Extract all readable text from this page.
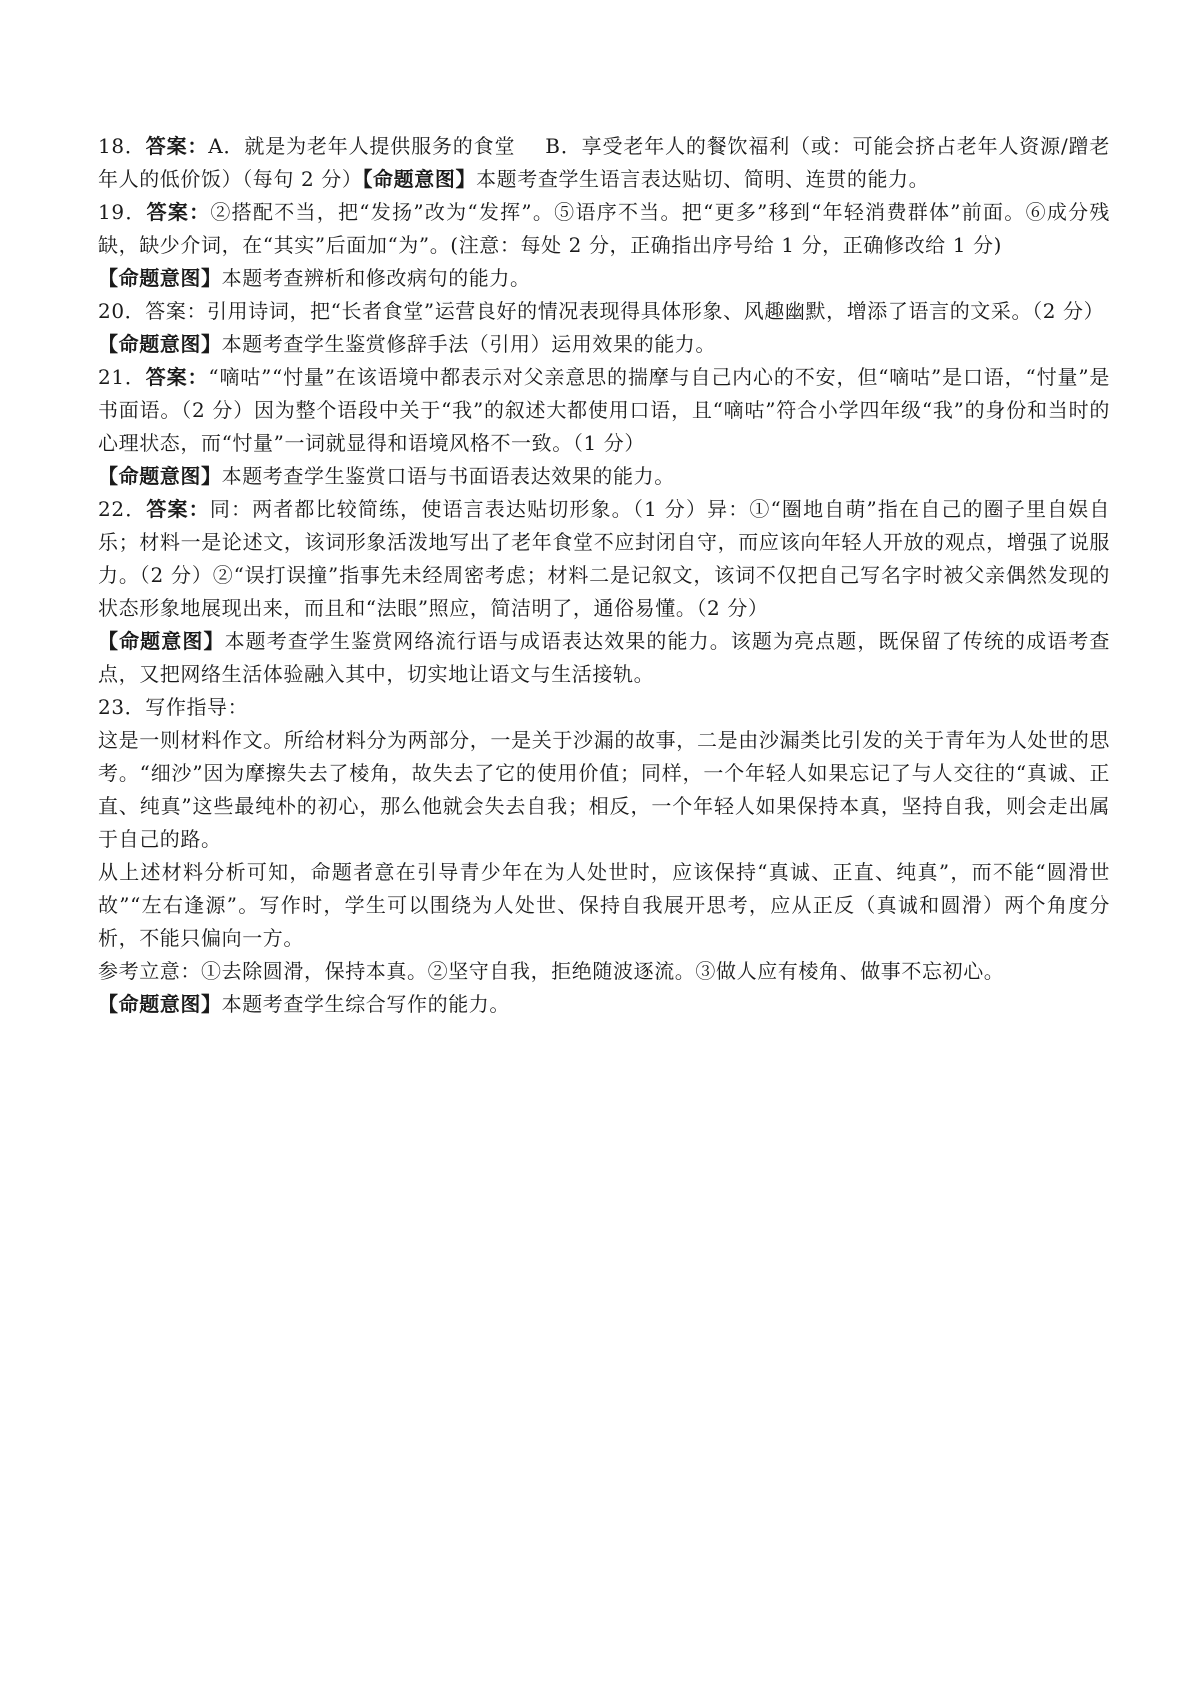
18．答案：A．就是为老年人提供服务的食堂 B．享受老年人的餐饮福利（或：可能会挤占老年人资源/蹭老年人的低价饭）（每句 2 分）【命题意图】本题考查学生语言表达贴切、简明、连贯的能力。

19．答案：②搭配不当，把“发扬”改为“发挥”。⑤语序不当。把“更多”移到“年轻消费群体”前面。⑥成分残缺，缺少介词，在“其实”后面加“为”。(注意：每处 2 分，正确指出序号给 1 分，正确修改给 1 分)

【命题意图】本题考查辨析和修改病句的能力。

20．答案：引用诗词，把“长者食堂”运营良好的情况表现得具体形象、风趣幽默，增添了语言的文采。（2 分）

【命题意图】本题考查学生鉴赏修辞手法（引用）运用效果的能力。

21．答案：“嘀咕”“忖量”在该语境中都表示对父亲意思的揣摩与自己内心的不安，但“嘀咕”是口语，“忖量”是书面语。（2 分）因为整个语段中关于“我”的叙述大都使用口语，且“嘀咕”符合小学四年级“我”的身份和当时的心理状态，而“忖量”一词就显得和语境风格不一致。（1 分）

【命题意图】本题考查学生鉴赏口语与书面语表达效果的能力。

22．答案：同：两者都比较简练，使语言表达贴切形象。（1 分）异：①“圈地自萌”指在自己的圈子里自娱自乐；材料一是论述文，该词形象活泼地写出了老年食堂不应封闭自守，而应该向年轻人开放的观点，增强了说服力。（2 分）②“误打误撞”指事先未经周密考虑；材料二是记叙文，该词不仅把自己写名字时被父亲偶然发现的状态形象地展现出来，而且和“法眼”照应，简洁明了，通俗易懂。（2 分）

【命题意图】本题考查学生鉴赏网络流行语与成语表达效果的能力。该题为亮点题，既保留了传统的成语考查点，又把网络生活体验融入其中，切实地让语文与生活接轨。

23．写作指导：

这是一则材料作文。所给材料分为两部分，一是关于沙漏的故事，二是由沙漏类比引发的关于青年为人处世的思考。“细沙”因为摩擦失去了棱角，故失去了它的使用价值；同样，一个年轻人如果忘记了与人交往的“真诚、正直、纯真”这些最纯朴的初心，那么他就会失去自我；相反，一个年轻人如果保持本真，坚持自我，则会走出属于自己的路。

从上述材料分析可知，命题者意在引导青少年在为人处世时，应该保持“真诚、正直、纯真”，而不能“圆滑世故”“左右逢源”。写作时，学生可以围绕为人处世、保持自我展开思考，应从正反（真诚和圆滑）两个角度分析，不能只偏向一方。

参考立意：①去除圆滑，保持本真。②坚守自我，拒绝随波逐流。③做人应有棱角、做事不忘初心。

【命题意图】本题考查学生综合写作的能力。
